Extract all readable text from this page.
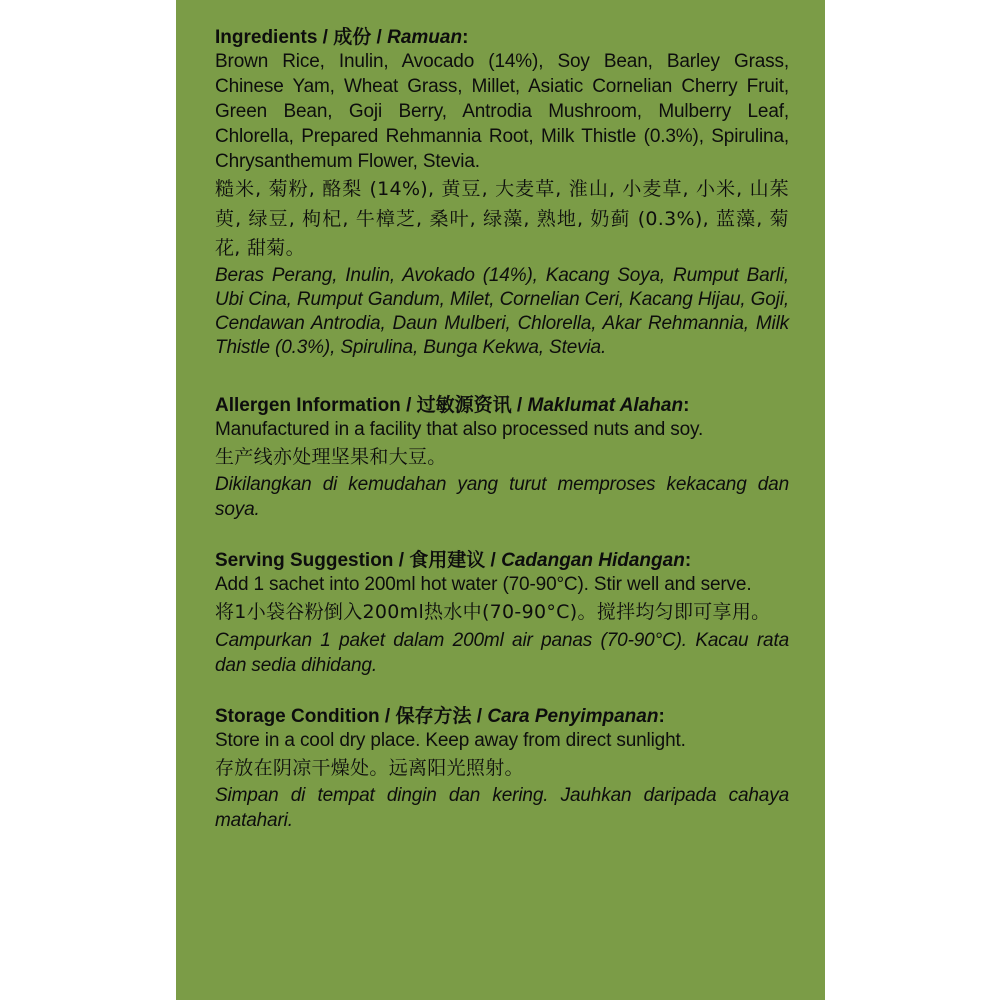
Ingredients / 成份 / Ramuan:

Brown Rice, Inulin, Avocado (14%), Soy Bean, Barley Grass, Chinese Yam, Wheat Grass, Millet, Asiatic Cornelian Cherry Fruit, Green Bean, Goji Berry, Antrodia Mushroom, Mulberry Leaf, Chlorella, Prepared Rehmannia Root, Milk Thistle (0.3%), Spirulina, Chrysanthemum Flower, Stevia.

糙米, 菊粉, 酪梨 (14%), 黄豆, 大麦草, 淮山, 小麦草, 小米, 山茱萸, 绿豆, 枸杞, 牛樟芝, 桑叶, 绿藻, 熟地, 奶蓟 (0.3%), 蓝藻, 菊花, 甜菊。

Beras Perang, Inulin, Avokado (14%), Kacang Soya, Rumput Barli, Ubi Cina, Rumput Gandum, Milet, Cornelian Ceri, Kacang Hijau, Goji, Cendawan Antrodia, Daun Mulberi, Chlorella, Akar Rehmannia, Milk Thistle (0.3%), Spirulina, Bunga Kekwa, Stevia.

Allergen Information / 过敏源资讯 / Maklumat Alahan:

Manufactured in a facility that also processed nuts and soy.

生产线亦处理坚果和大豆。

Dikilangkan di kemudahan yang turut memproses kekacang dan soya.

Serving Suggestion / 食用建议 / Cadangan Hidangan:

Add 1 sachet into 200ml hot water (70-90°C). Stir well and serve.

将1小袋谷粉倒入200ml热水中(70-90°C)。搅拌均匀即可享用。

Campurkan 1 paket dalam 200ml air panas (70-90°C). Kacau rata dan sedia dihidang.

Storage Condition / 保存方法 / Cara Penyimpanan:

Store in a cool dry place. Keep away from direct sunlight.

存放在阴凉干燥处。远离阳光照射。

Simpan di tempat dingin dan kering. Jauhkan daripada cahaya matahari.
